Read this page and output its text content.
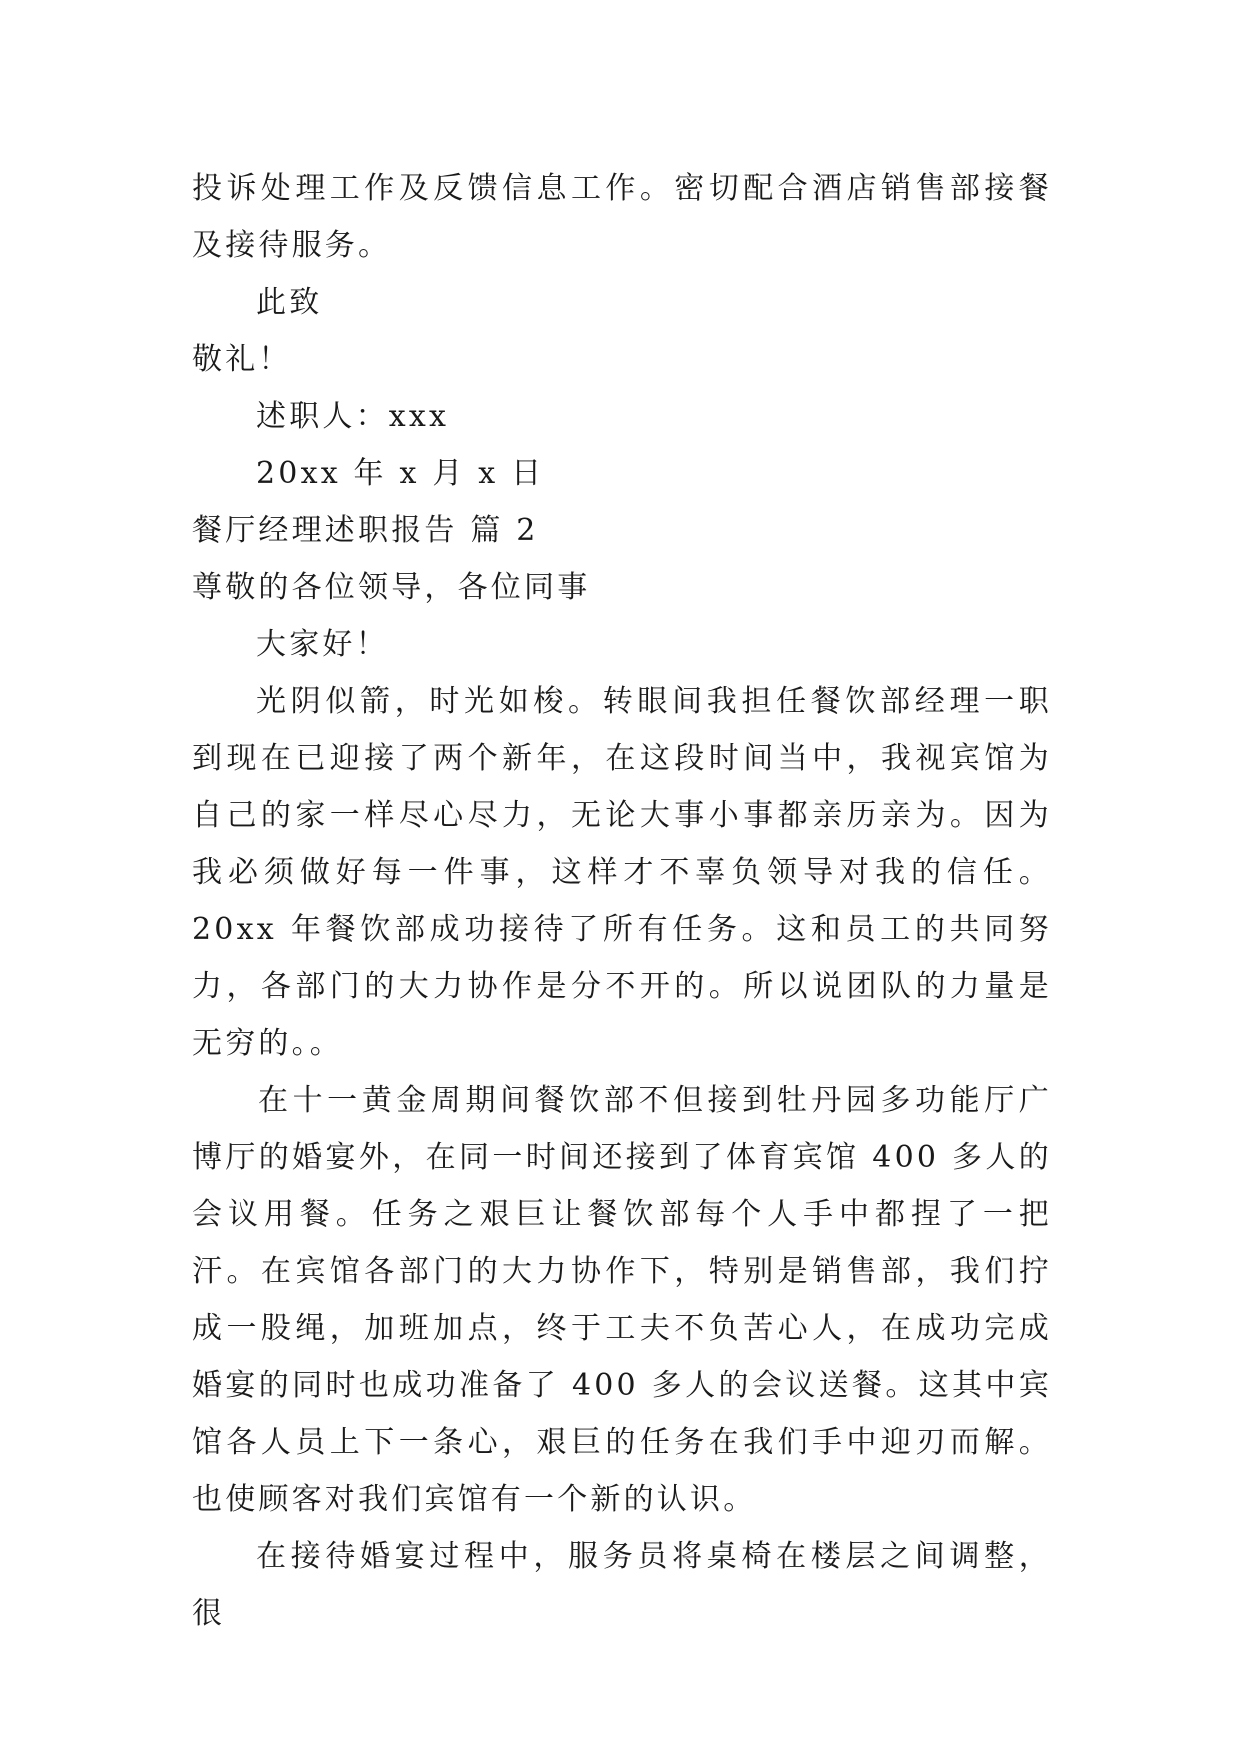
投诉处理工作及反馈信息工作。密切配合酒店销售部接餐及接待服务。

此致

敬礼！

述职人：xxx

20xx 年 x 月 x 日

餐厅经理述职报告 篇 2

尊敬的各位领导，各位同事

大家好！

光阴似箭，时光如梭。转眼间我担任餐饮部经理一职到现在已迎接了两个新年，在这段时间当中，我视宾馆为自己的家一样尽心尽力，无论大事小事都亲历亲为。因为我必须做好每一件事，这样才不辜负领导对我的信任。20xx 年餐饮部成功接待了所有任务。这和员工的共同努力，各部门的大力协作是分不开的。所以说团队的力量是无穷的。。

在十一黄金周期间餐饮部不但接到牡丹园多功能厅广博厅的婚宴外，在同一时间还接到了体育宾馆 400 多人的会议用餐。任务之艰巨让餐饮部每个人手中都捏了一把汗。在宾馆各部门的大力协作下，特别是销售部，我们拧成一股绳，加班加点，终于工夫不负苦心人，在成功完成婚宴的同时也成功准备了 400 多人的会议送餐。这其中宾馆各人员上下一条心，艰巨的任务在我们手中迎刃而解。也使顾客对我们宾馆有一个新的认识。

在接待婚宴过程中，服务员将桌椅在楼层之间调整，很
